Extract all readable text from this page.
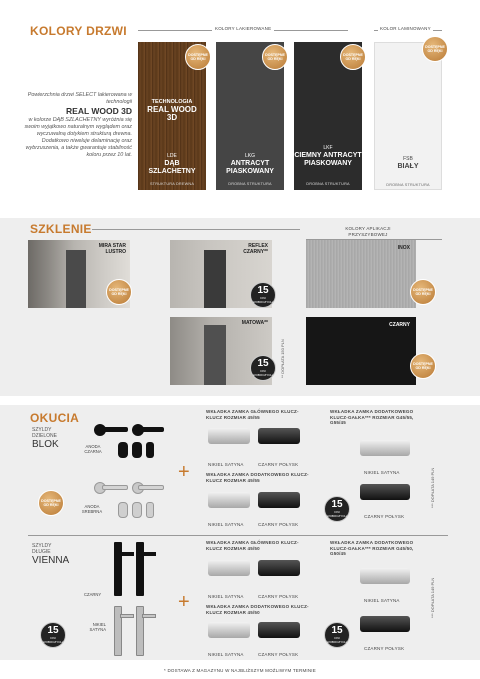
KOLORY DRZWI	KOLORY LAKIEROWANE	KOLOR LAMINOWANY
Powierzchnia drzwi SELECT lakierowana w technologii
REAL WOOD 3D
w kolorze DĄB SZLACHETNY wyróżnia się swoim wyjątkowo naturalnym wyglądem oraz wyczuwalną dotykiem strukturą drewna. Dodatkowo niweluje delaminację oraz wybrzuszenia, a także gwarantuje stabilność koloru przez 10 lat.
TECHNOLOGIA
REAL WOOD
3D
LDE
DĄB
SZLACHETNY
STRUKTURA DREWNA
DOSTĘPNE OD RĘKI
LKG
ANTRACYT
PIASKOWANY
DROBNA STRUKTURA
DOSTĘPNE OD RĘKI
LKF
CIEMNY ANTRACYT
PIASKOWANY
DROBNA STRUKTURA
DOSTĘPNE OD RĘKI
FSB
BIAŁY
DROBNA STRUKTURA
DOSTĘPNE OD RĘKI
SZKLENIE	KOLORY APLIKACJI PRZYSZYBOWEJ
MIRA STAR
LUSTRO
DOSTĘPNE OD RĘKI
REFLEX
CZARNY**
15
DNI ROBOCZYCH
MATOWA**
15
DNI ROBOCZYCH	** DOPŁATA 150 PLN
INOX
DOSTĘPNE OD RĘKI
CZARNY
DOSTĘPNE OD RĘKI
OKUCIA
SZYLDY
DZIELONE
BLOK
DOSTĘPNE OD RĘKI
ANODA CZARNA
ANODA SREBRNA
+
WKŁADKA ZAMKA GŁÓWNEGO KLUCZ-KLUCZ ROZMIAR 45/55
NIKIEL SATYNA	CZARNY POŁYSK
WKŁADKA ZAMKA DODATKOWEGO KLUCZ-KLUCZ ROZMIAR 45/55
NIKIEL SATYNA	CZARNY POŁYSK
15
DNI ROBOCZYCH
WKŁADKA ZAMKA DODATKOWEGO KLUCZ-GAŁKA*** ROZMIAR G45/55, G55/45
NIKIEL SATYNA
CZARNY POŁYSK
*** DOPŁATA 149 PLN
SZYLDY
DŁUGIE
VIENNA
15
DNI ROBOCZYCH
CZARNY
NIKIEL SATYNA
+
WKŁADKA ZAMKA GŁÓWNEGO KLUCZ-KLUCZ ROZMIAR 45/50
NIKIEL SATYNA	CZARNY POŁYSK
WKŁADKA ZAMKA DODATKOWEGO KLUCZ-KLUCZ ROZMIAR 45/50
NIKIEL SATYNA	CZARNY POŁYSK
15
DNI ROBOCZYCH
WKŁADKA ZAMKA DODATKOWEGO KLUCZ-GAŁKA*** ROZMIAR G45/50, G50/45
NIKIEL SATYNA
CZARNY POŁYSK
*** DOPŁATA 149 PLN
* DOSTAWA Z MAGAZYNU W NAJBLIŻSZYM MOŻLIWYM TERMINIE
